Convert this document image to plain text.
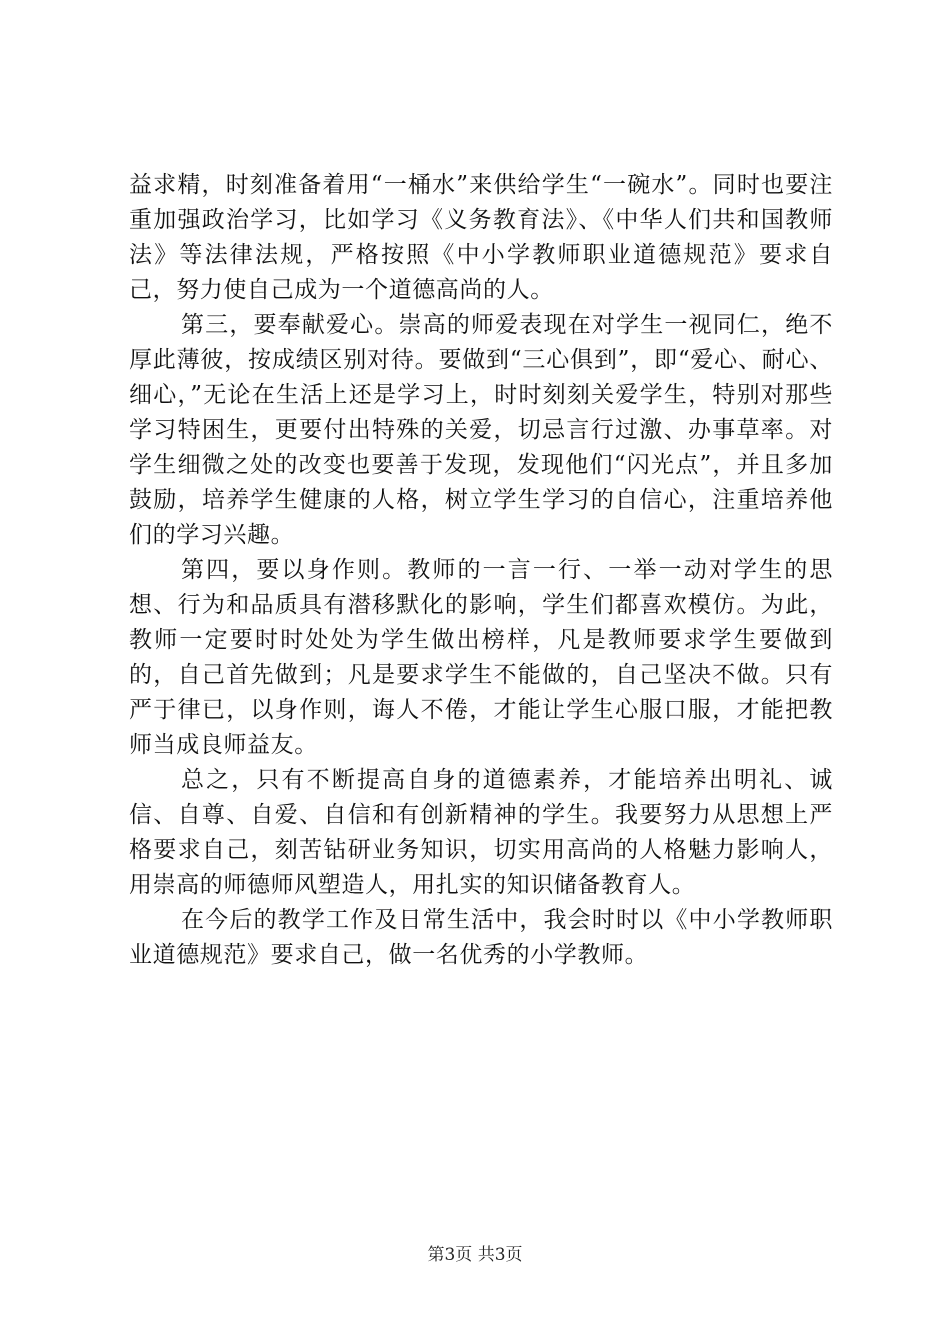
益求精，时刻准备着用“一桶水”来供给学生“一碗水”。同时也要注重加强政治学习，比如学习《义务教育法》、《中华人们共和国教师法》等法律法规，严格按照《中小学教师职业道德规范》要求自己，努力使自己成为一个道德高尚的人。

第三，要奉献爱心。崇高的师爱表现在对学生一视同仁，绝不厚此薄彼，按成绩区别对待。要做到“三心俱到”，即“爱心、耐心、细心，”无论在生活上还是学习上，时时刻刻关爱学生，特别对那些学习特困生，更要付出特殊的关爱，切忌言行过激、办事草率。对学生细微之处的改变也要善于发现，发现他们“闪光点”，并且多加鼓励，培养学生健康的人格，树立学生学习的自信心，注重培养他们的学习兴趣。

第四，要以身作则。教师的一言一行、一举一动对学生的思想、行为和品质具有潜移默化的影响，学生们都喜欢模仿。为此，教师一定要时时处处为学生做出榜样，凡是教师要求学生要做到的，自己首先做到；凡是要求学生不能做的，自己坚决不做。只有严于律已，以身作则，诲人不倦，才能让学生心服口服，才能把教师当成良师益友。

总之，只有不断提高自身的道德素养，才能培养出明礼、诚信、自尊、自爱、自信和有创新精神的学生。我要努力从思想上严格要求自己，刻苦钻研业务知识，切实用高尚的人格魅力影响人，用崇高的师德师风塑造人，用扎实的知识储备教育人。

在今后的教学工作及日常生活中，我会时时以《中小学教师职业道德规范》要求自己，做一名优秀的小学教师。

第3页 共3页
